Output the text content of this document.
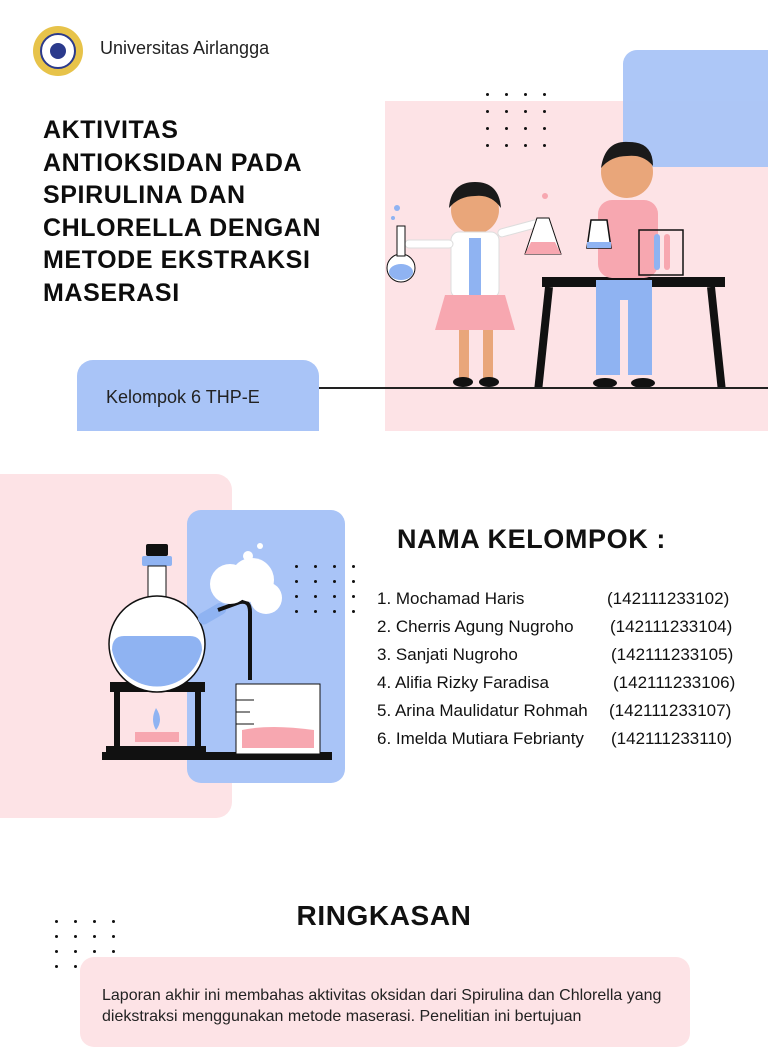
Universitas Airlangga
AKTIVITAS ANTIOKSIDAN PADA SPIRULINA DAN CHLORELLA DENGAN METODE EKSTRAKSI MASERASI
Kelompok 6 THP-E
NAMA KELOMPOK :
1. Mochamad Haris	(142111233102)
2. Cherris Agung Nugroho (142111233104)
3. Sanjati Nugroho	(142111233105)
4. Alifia Rizky Faradisa	(142111233106)
5. Arina Maulidatur Rohmah (142111233107)
6. Imelda Mutiara Febrianty (142111233110)
RINGKASAN
Laporan akhir ini membahas aktivitas oksidan dari Spirulina dan Chlorella yang diekstraksi menggunakan metode maserasi. Penelitian ini bertujuan
